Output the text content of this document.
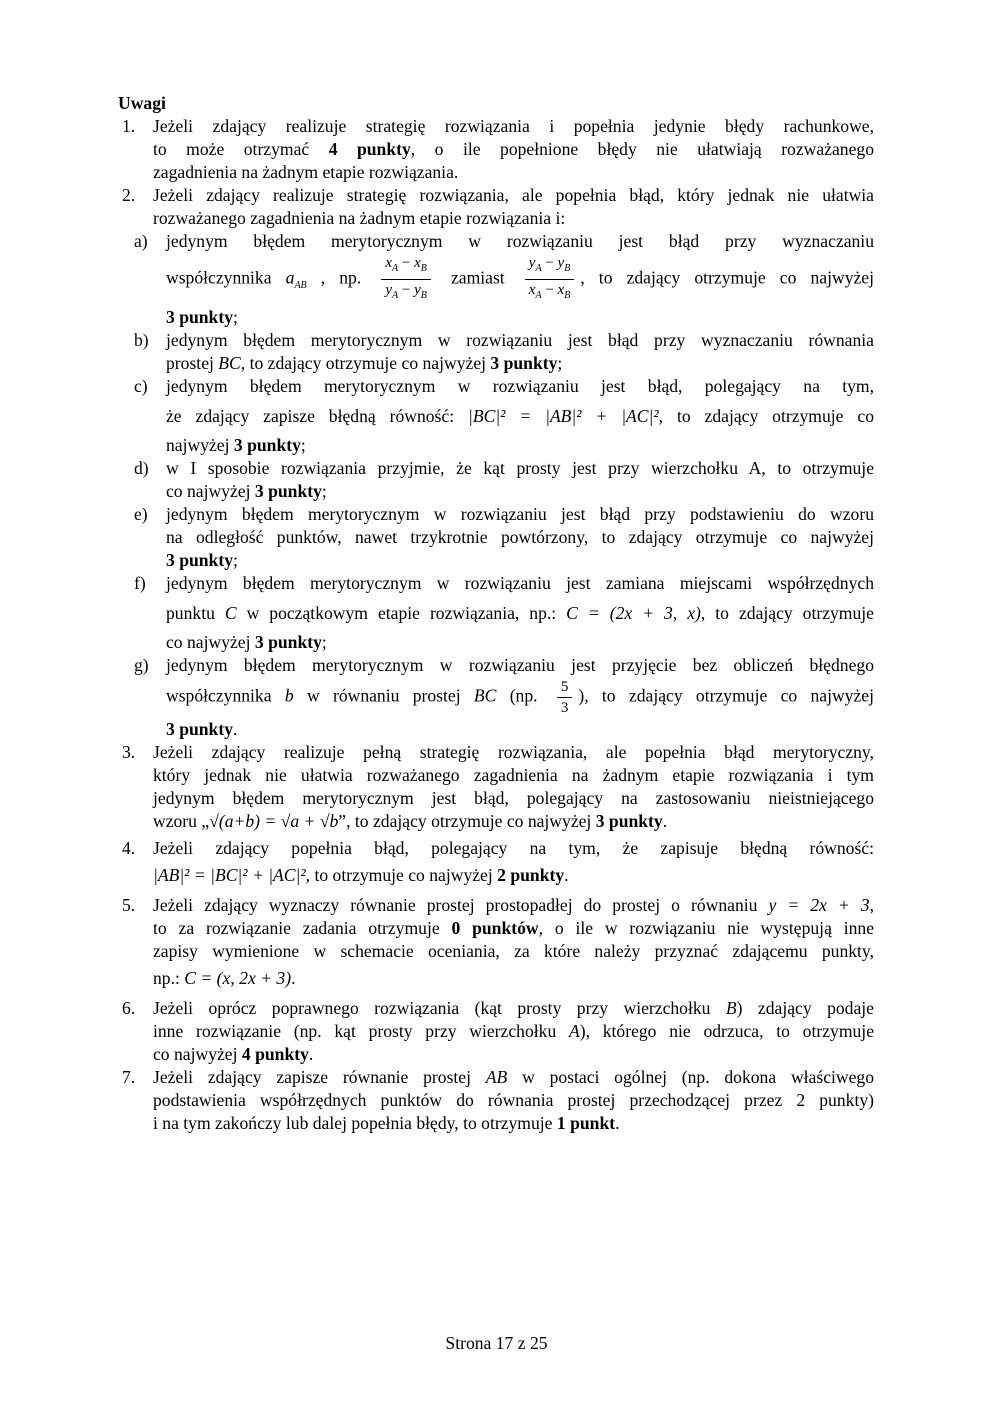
Uwagi
1. Jeżeli zdający realizuje strategię rozwiązania i popełnia jedynie błędy rachunkowe,
to może otrzymać 4 punkty, o ile popełnione błędy nie ułatwiają rozważanego
zagadnienia na żadnym etapie rozwiązania.
2. Jeżeli zdający realizuje strategię rozwiązania, ale popełnia błąd, który jednak nie ułatwia
rozważanego zagadnienia na żadnym etapie rozwiązania i:
a) jedynym błędem merytorycznym w rozwiązaniu jest błąd przy wyznaczaniu
współczynnika $a_{AB}$ , np. $\frac{x_A - x_B}{y_A - y_B}$ zamiast $\frac{y_A - y_B}{x_A - x_B}$ , to zdający otrzymuje co najwyżej
3 punkty;
b) jedynym błędem merytorycznym w rozwiązaniu jest błąd przy wyznaczaniu równania
prostej BC, to zdający otrzymuje co najwyżej 3 punkty;
c) jedynym błędem merytorycznym w rozwiązaniu jest błąd, polegający na tym,
że zdający zapisze błędną równość: |BC|² = |AB|² + |AC|², to zdający otrzymuje co
najwyżej 3 punkty;
d) w I sposobie rozwiązania przyjmie, że kąt prosty jest przy wierzchołku A, to otrzymuje
co najwyżej 3 punkty;
e) jedynym błędem merytorycznym w rozwiązaniu jest błąd przy podstawieniu do wzoru
na odległość punktów, nawet trzykrotnie powtórzony, to zdający otrzymuje co najwyżej
3 punkty;
f) jedynym błędem merytorycznym w rozwiązaniu jest zamiana miejscami współrzędnych
punktu C w początkowym etapie rozwiązania, np.: C = (2x + 3, x), to zdający otrzymuje
co najwyżej 3 punkty;
g) jedynym błędem merytorycznym w rozwiązaniu jest przyjęcie bez obliczeń błędnego
współczynnika b w równaniu prostej BC (np. $\frac{5}{3}$ ), to zdający otrzymuje co najwyżej
3 punkty.
3. Jeżeli zdający realizuje pełną strategię rozwiązania, ale popełnia błąd merytoryczny,
który jednak nie ułatwia rozważanego zagadnienia na żadnym etapie rozwiązania i tym
jedynym błędem merytorycznym jest błąd, polegający na zastosowaniu nieistniejącego
wzoru „√(a+b) = √a + √b”, to zdający otrzymuje co najwyżej 3 punkty.
4. Jeżeli zdający popełnia błąd, polegający na tym, że zapisuje błędną równość:
|AB|² = |BC|² + |AC|², to otrzymuje co najwyżej 2 punkty.
5. Jeżeli zdający wyznaczy równanie prostej prostopadłej do prostej o równaniu y = 2x + 3,
to za rozwiązanie zadania otrzymuje 0 punktów, o ile w rozwiązaniu nie występują inne
zapisy wymienione w schemacie oceniania, za które należy przyznać zdającemu punkty,
np.: C = (x, 2x + 3).
6. Jeżeli oprócz poprawnego rozwiązania (kąt prosty przy wierzchołku B) zdający podaje
inne rozwiązanie (np. kąt prosty przy wierzchołku A), którego nie odrzuca, to otrzymuje
co najwyżej 4 punkty.
7. Jeżeli zdający zapisze równanie prostej AB w postaci ogólnej (np. dokona właściwego
podstawienia współrzędnych punktów do równania prostej przechodzącej przez 2 punkty)
i na tym zakończy lub dalej popełnia błędy, to otrzymuje 1 punkt.
Strona 17 z 25
